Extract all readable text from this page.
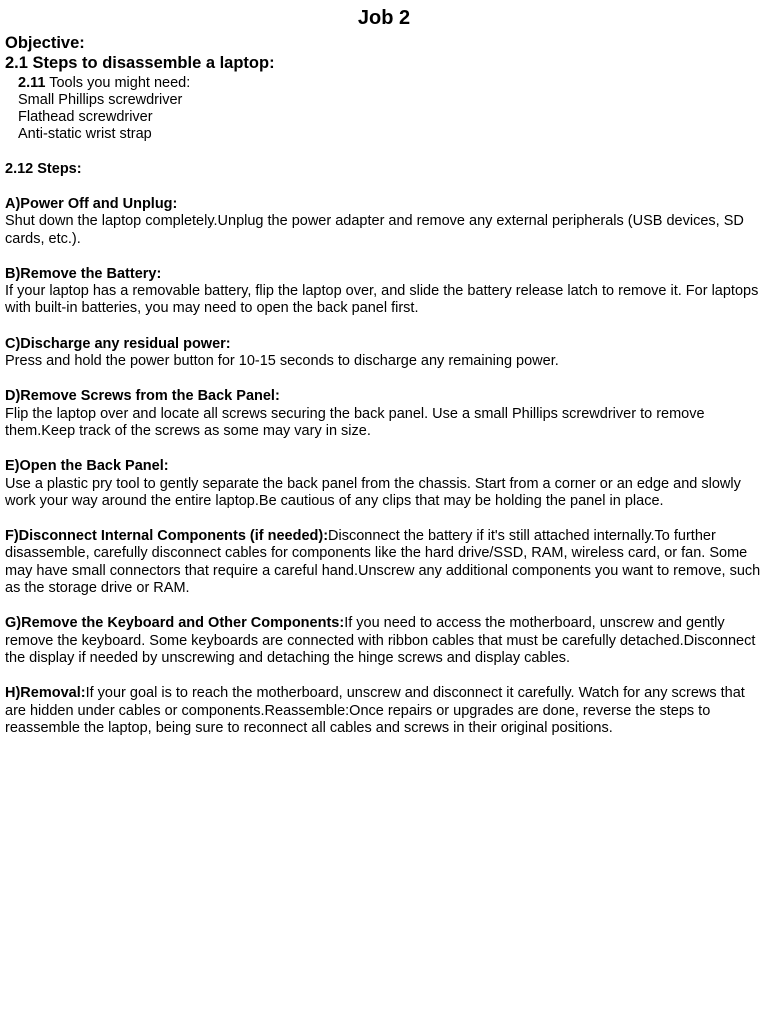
Job 2
Objective:
2.1 Steps to disassemble a laptop:
2.11 Tools you might need:
Small Phillips screwdriver
Flathead screwdriver
Anti-static wrist strap
2.12 Steps:
A)Power Off and Unplug:
Shut down the laptop completely.Unplug the power adapter and remove any external peripherals (USB devices, SD cards, etc.).
B)Remove the Battery:
If your laptop has a removable battery, flip the laptop over, and slide the battery release latch to remove it. For laptops with built-in batteries, you may need to open the back panel first.
C)Discharge any residual power:
Press and hold the power button for 10-15 seconds to discharge any remaining power.
D)Remove Screws from the Back Panel:
Flip the laptop over and locate all screws securing the back panel. Use a small Phillips screwdriver to remove them.Keep track of the screws as some may vary in size.
E)Open the Back Panel:
Use a plastic pry tool to gently separate the back panel from the chassis. Start from a corner or an edge and slowly work your way around the entire laptop.Be cautious of any clips that may be holding the panel in place.
F)Disconnect Internal Components (if needed):Disconnect the battery if it's still attached internally.To further disassemble, carefully disconnect cables for components like the hard drive/SSD, RAM, wireless card, or fan. Some may have small connectors that require a careful hand.Unscrew any additional components you want to remove, such as the storage drive or RAM.
G)Remove the Keyboard and Other Components:If you need to access the motherboard, unscrew and gently remove the keyboard. Some keyboards are connected with ribbon cables that must be carefully detached.Disconnect the display if needed by unscrewing and detaching the hinge screws and display cables.
H)Removal:If your goal is to reach the motherboard, unscrew and disconnect it carefully. Watch for any screws that are hidden under cables or components.Reassemble:Once repairs or upgrades are done, reverse the steps to reassemble the laptop, being sure to reconnect all cables and screws in their original positions.
